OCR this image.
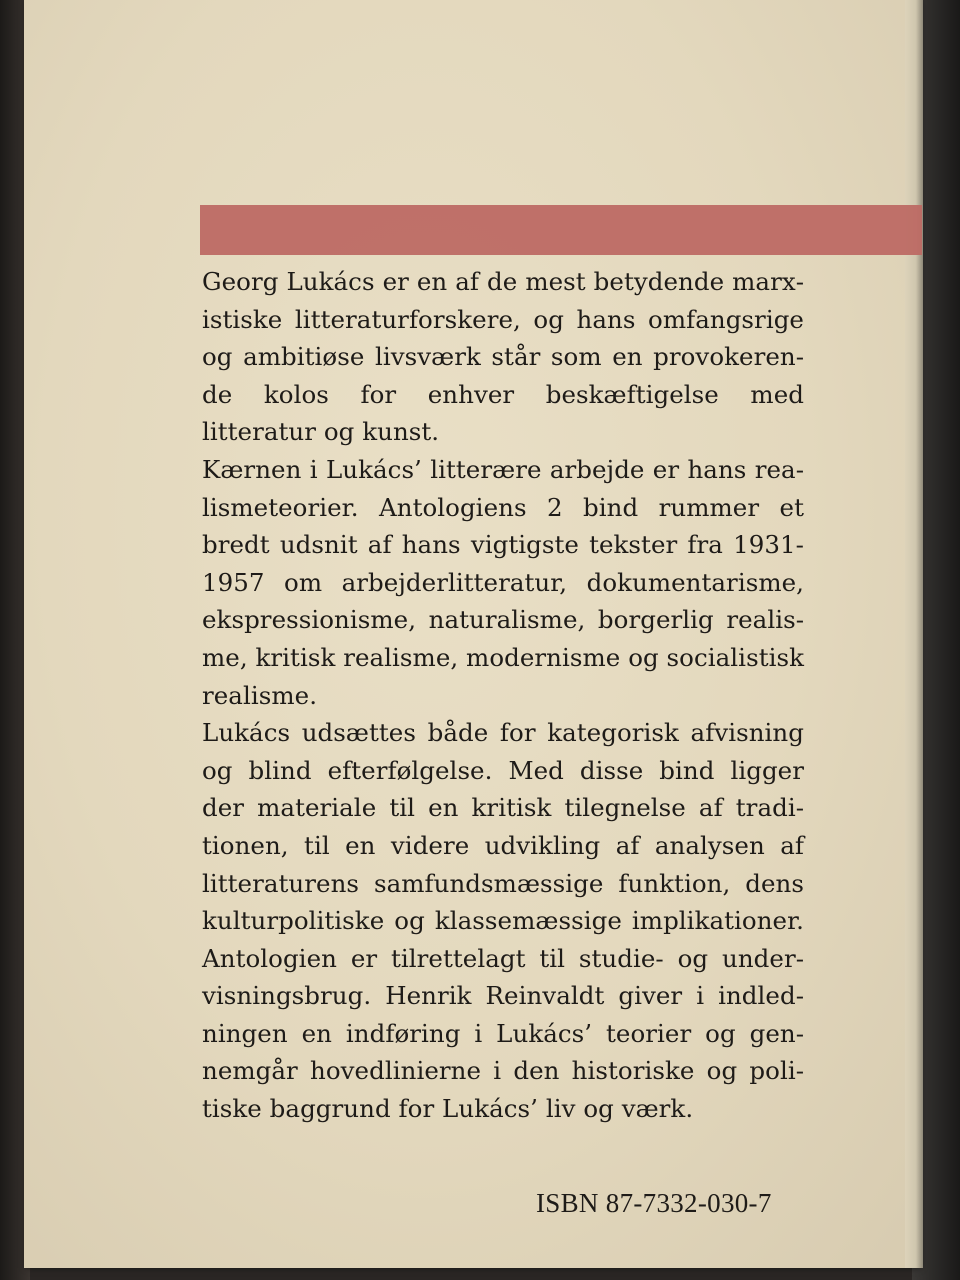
Georg Lukács er en af de mest betydende marxistiske litteraturforskere, og hans omfangsrige og ambitiøse livsværk står som en provokerende kolos for enhver beskæftigelse med litteratur og kunst.

Kærnen i Lukács’ litterære arbejde er hans realismeteorier. Antologiens 2 bind rummer et bredt udsnit af hans vigtigste tekster fra 1931-1957 om arbejderlitteratur, dokumentarisme, ekspressionisme, naturalisme, borgerlig realisme, kritisk realisme, modernisme og socialistisk realisme.

Lukács udsættes både for kategorisk afvisning og blind efterfølgelse. Med disse bind ligger der materiale til en kritisk tilegnelse af traditionen, til en videre udvikling af analysen af litteraturens samfundsmæssige funktion, dens kulturpolitiske og klassemæssige implikationer. Antologien er tilrettelagt til studie- og undervisningsbrug. Henrik Reinvaldt giver i indledningen en indføring i Lukács’ teorier og gennemgår hovedlinierne i den historiske og politiske baggrund for Lukács’ liv og værk.

ISBN 87-7332-030-7
